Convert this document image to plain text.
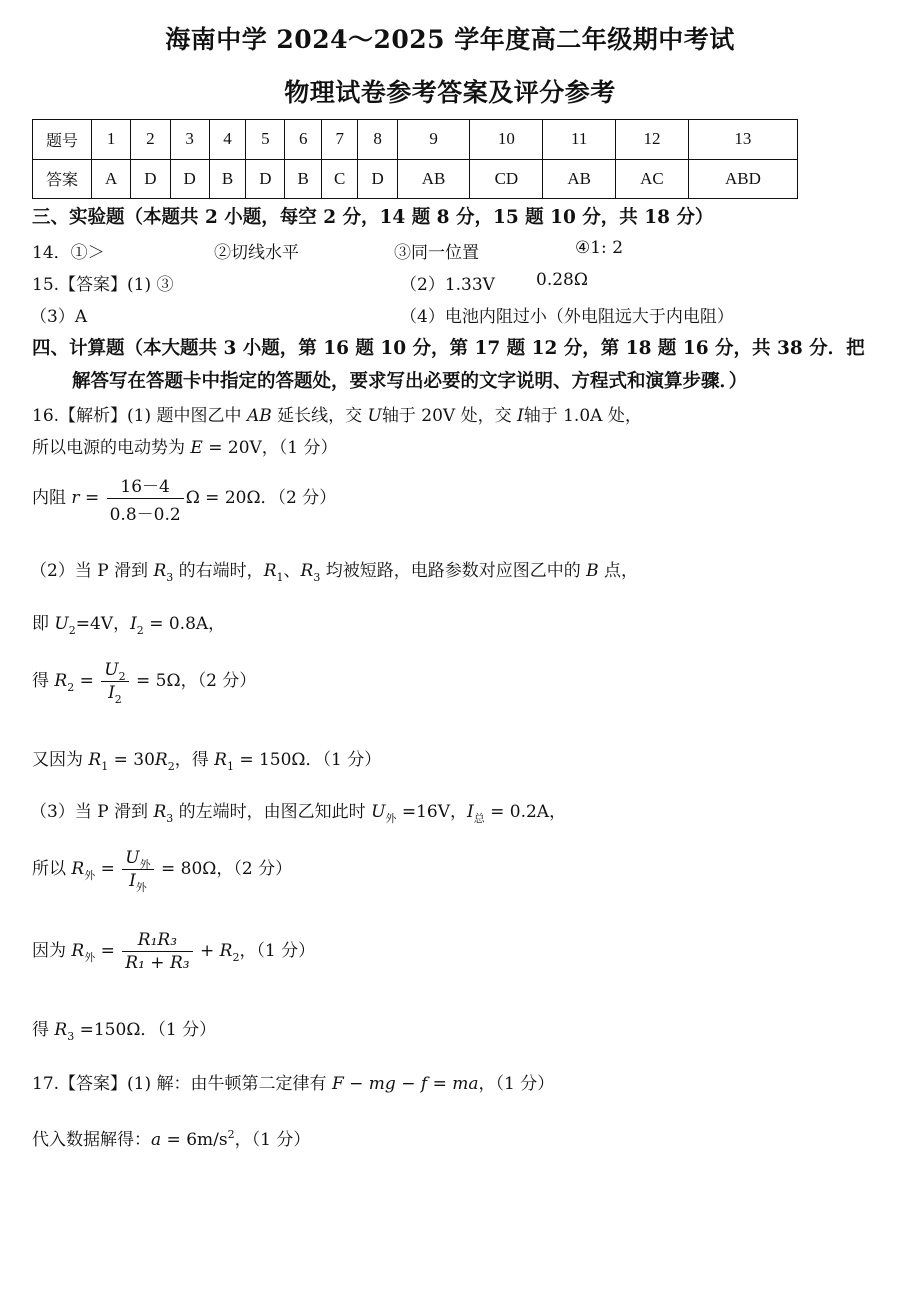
海南中学 2024～2025 学年度高二年级期中考试
物理试卷参考答案及评分参考
题号	1	2	3	4	5	6	7	8	9	10	11	12	13
答案	A	D	D	B	D	B	C	D	AB	CD	AB	AC	ABD
三、实验题（本题共 2 小题，每空 2 分，14 题 8 分，15 题 10 分，共 18 分）
14．①＞	②切线水平	③同一位置	④1: 2
15.【答案】(1) ③	（2）1.33V 0.28Ω
（3）A	（4）电池内阻过小（外电阻远大于内电阻）
四、计算题（本大题共 3 小题，第 16 题 10 分，第 17 题 12 分，第 18 题 16 分，共 38 分．把
解答写在答题卡中指定的答题处，要求写出必要的文字说明、方程式和演算步骤．）
16.【解析】(1) 题中图乙中 AB 延长线，交 U轴于 20V 处，交 I轴于 1.0A 处，
所以电源的电动势为 E = 20V，（1 分）
内阻 $r = \frac{16-4}{0.8-0.2}$ Ω = 20Ω．（2 分）
（2）当 P 滑到 $R_3$ 的右端时，$R_1$、$R_3$ 均被短路，电路参数对应图乙中的 B 点，
即 $U_2=4V$，$I_2 = 0.8A$，
得 $R_2 = \frac{U_2}{I_2} = 5\Omega$，（2 分）
又因为 $R_1 = 30R_2$，得 $R_1 = 150\Omega$．（1 分）
（3）当 P 滑到 $R_3$ 的左端时，由图乙知此时 $U_外 =16V$，$I_总 = 0.2A$，
所以 $R_外 = \frac{U_外}{I_外} = 80\Omega$，（2 分）
因为 $R_外 = \frac{\text{R₁R₃}}{\text{R₁ + R₃}} + R_2$，（1 分）
得 $R_3 =150\Omega$．（1 分）
17.【答案】(1) 解：由牛顿第二定律有 F − mg − f = ma，（1 分）
代入数据解得：$a = 6m/s^2$，（1 分）
